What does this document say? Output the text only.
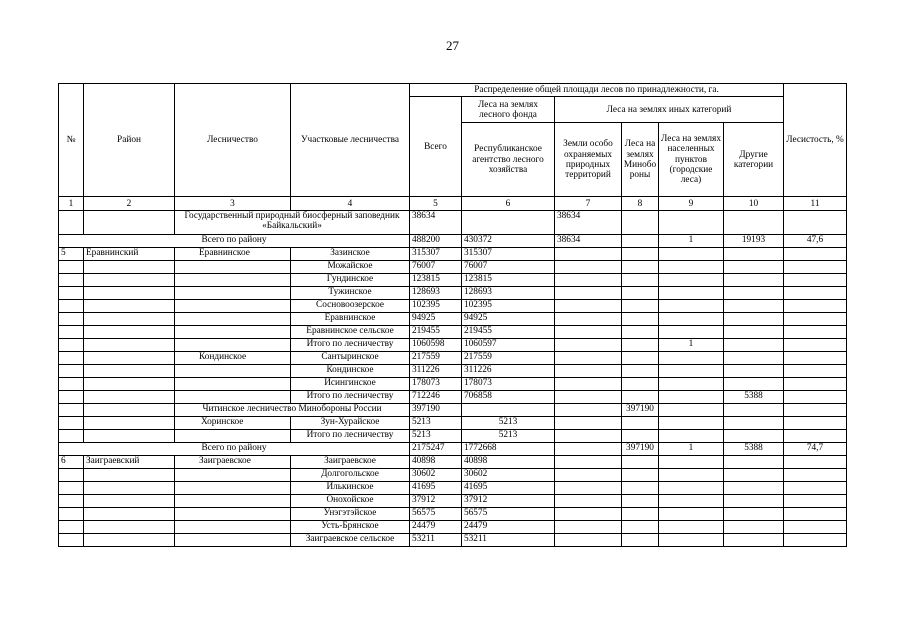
27
№	Район	Лесничество	Участковые лесничества	Распределение общей площади лесов по принадлежности, га.						Лесистость, %
				Всего	Леса на землях лесного фонда	Леса на землях иных категорий				
					Республиканское агентство лесного хозяйства	Земли особо охраняемых природных территорий	Леса на землях Минобо роны	Леса на землях населенных пунктов (городские леса)	Другие категории	
1	2	3	4	5	6	7	8	9	10	11
		Государственный природный биосферный заповедник «Байкальский»		38634		38634				
Всего по району				488200	430372	38634		1	19193	47,6
5	Еравнинский	Еравнинское	Зазинское	315307	315307					
			Можайское	76007	76007					
			Гундинское	123815	123815					
			Тужинское	128693	128693					
			Сосновоозерское	102395	102395					
			Еравнинское	94925	94925					
			Еравнинское сельское	219455	219455					
			Итого по лесничеству	1060598	1060597			1		
		Кондинское	Сантыринское	217559	217559					
			Кондинское	311226	311226					
			Исингинское	178073	178073					
			Итого по лесничеству	712246	706858				5388	
		Читинское лесничество Минобороны России		397190			397190			
		Хоринское	Зун-Хурайское	5213	5213					
			Итого по лесничеству	5213	5213					
Всего по району				2175247	1772668		397190	1	5388	74,7
6	Заиграевский	Заиграевское	Заиграевское	40898	40898					
			Долгогольское	30602	30602					
			Илькинское	41695	41695					
			Онохойское	37912	37912					
			Унэгэтэйское	56575	56575					
			Усть-Брянское	24479	24479					
			Заиграевское сельское	53211	53211					
